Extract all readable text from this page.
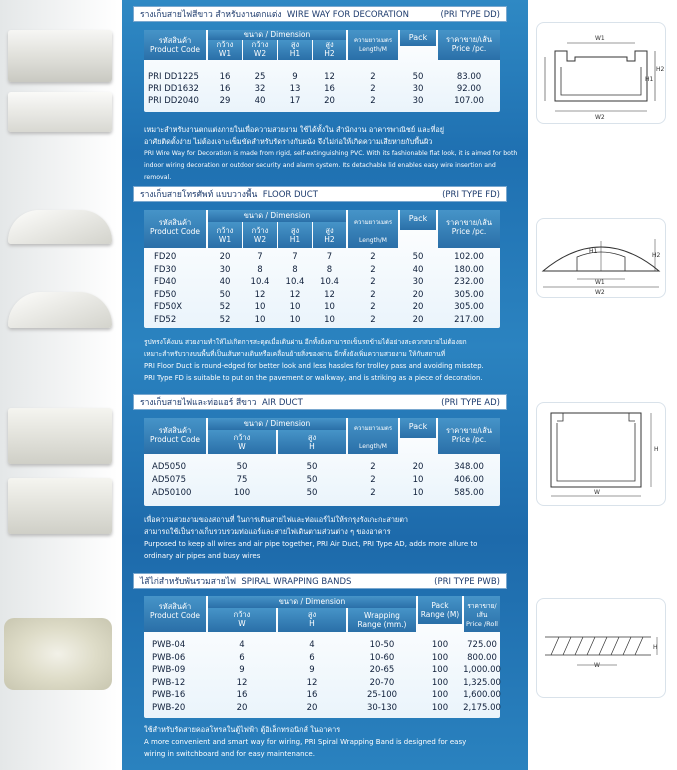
รางเก็บสายไฟสีขาว สำหรับงานตกแต่ง WIRE WAY FOR DECORATION	(PRI TYPE DD)
รหัสสินค้า
Product Code
ขนาด / Dimension
กว้าง
W1
กว้าง
W2
สูง
H1
สูง
H2
ความยาวเมตร
Length/M
Pack	ราคาขาย/เส้น
Price /pc.
PRI DD1225	16	25	9	12	2	50	83.00
PRI DD1632	16	32	13	16	2	30	92.00
PRI DD2040	29	40	17	20	2	30	107.00
เหมาะสำหรับงานตกแต่งภายในเพื่อความสวยงาม ใช้ได้ทั้งใน สำนักงาน อาคารพาณิชย์ และที่อยู่
อาศัยติดตั้งง่าย ไม่ต้องเจาะเข็มขัดสำหรับรัดรางกับผนัง จึงไม่ก่อให้เกิดความเสียหายกับพื้นผิว
PRI Wire Way for Decoration is made from rigid, self-extinguishing PVC. With its fashionable flat look, it is aimed for both
indoor wiring decoration or outdoor security and alarm system. Its detachable lid enables easy wire insertion and removal.
รางเก็บสายโทรศัพท์ แบบวางพื้น FLOOR DUCT	(PRI TYPE FD)
รหัสสินค้า
Product Code
ขนาด / Dimension
กว้าง
W1
กว้าง
W2
สูง
H1
สูง
H2
ความยาวเมตร

Length/M
Pack	ราคาขาย/เส้น
Price /pc.
FD20	20	7	7	7	2	50	102.00
FD30	30	8	8	8	2	40	180.00
FD40	40	10.4	10.4	10.4	2	30	232.00
FD50	50	12	12	12	2	20	305.00
FD50X	52	10	10	10	2	20	305.00
FD52	52	10	10	10	2	20	217.00
รูปทรงโค้งมน สวยงามทำให้ไม่เกิดการสะดุดเมื่อเดินผ่าน อีกทั้งยังสามารถเข็นรถข้ามได้อย่างสะดวกสบายไม่ต้องยก
เหมาะสำหรับวางบนพื้นที่เป็นเส้นทางเดินหรือเคลื่อนย้ายสิ่งของผ่าน อีกทั้งยังเพิ่มความสวยงาม ให้กับสถานที่
PRI Floor Duct is round-edged for better look and less hassles for trolley pass and avoiding misstep.
PRI Type FD is suitable to put on the pavement or walkway, and is striking as a piece of decoration.
รางเก็บสายไฟและท่อแอร์ สีขาว AIR DUCT	(PRI TYPE AD)
รหัสสินค้า
Product Code
ขนาด / Dimension
กว้าง
W
สูง
H
ความยาวเมตร

Length/M
Pack	ราคาขาย/เส้น
Price /pc.
AD5050	50	50	2	20	348.00
AD5075	75	50	2	10	406.00
AD50100	100	50	2	10	585.00
เพื่อความสวยงามของสถานที่ ในการเดินสายไฟและท่อแอร์ไม่ให้รกรุงรังเกะกะสายตา
สามารถใช้เป็นรางเก็บรวบรวมท่อแอร์และสายไฟเดินตามส่วนต่าง ๆ ของอาคาร
Purposed to keep all wires and air pipe together, PRI Air Duct, PRI Type AD, adds more allure to
ordinary air pipes and busy wires
ไส้ไก่สำหรับพันรวมสายไฟ SPIRAL WRAPPING BANDS	(PRI TYPE PWB)
รหัสสินค้า
Product Code
ขนาด / Dimension
กว้าง
W
สูง
H
Wrapping
Range (mm.)
Pack
Range (M)
ราคาขาย/เส้น
Price /Roll
PWB-04	4	4	10-50	100	725.00
PWB-06	6	6	10-60	100	800.00
PWB-09	9	9	20-65	100	1,000.00
PWB-12	12	12	20-70	100	1,325.00
PWB-16	16	16	25-100	100	1,600.00
PWB-20	20	20	30-130	100	2,175.00
ใช้สำหรับรัดสายคอลโทรลในตู้ไฟฟ้า ตู้อิเล็กทรอนิกส์ ในอาคาร
A more convenient and smart way for wiring, PRI Spiral Wrapping Band is designed for easy
wiring in switchboard and for easy maintenance.
W1
W2
H1
H2
H1
H2
W1
W2
H
W
H
W
